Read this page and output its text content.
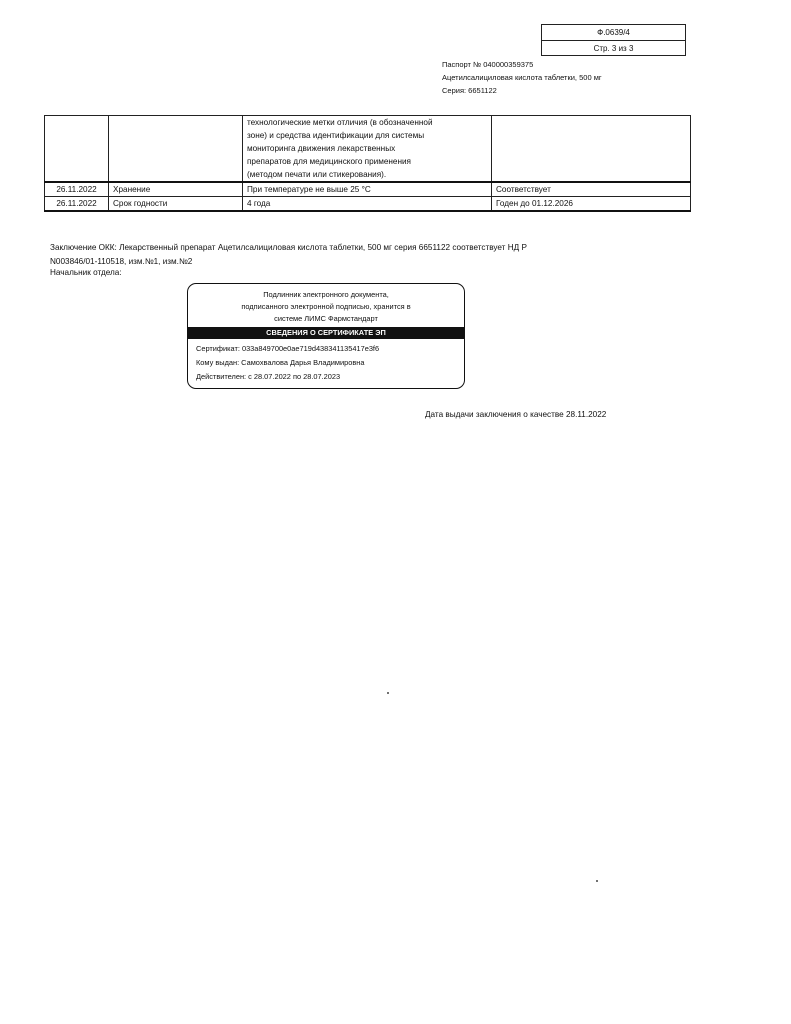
Ф.0639/4
Стр. 3 из 3
Паспорт № 040000359375
Ацетилсалициловая кислота таблетки, 500 мг
Серия: 6651122

		технологические метки отличия (в обозначенной
зоне) и средства идентификации для системы
мониторинга движения лекарственных
препаратов для медицинского применения
(методом печати или стикерования).	

26.11.2022	Хранение	При температуре не выше 25 °С	Соответствует
26.11.2022	Срок годности	4 года	Годен до 01.12.2026
Заключение ОКК: Лекарственный препарат Ацетилсалициловая кислота таблетки, 500 мг серия 6651122 соответствует НД Р
N003846/01-110518, изм.№1, изм.№2
Начальник отдела:
Подлинник электронного документа,
подписанного электронной подписью, хранится в
системе ЛИМС Фармстандарт
СВЕДЕНИЯ О СЕРТИФИКАТЕ ЭП
Сертификат: 033a849700e0ae719d438341135417e3f6
Кому выдан: Самохвалова Дарья Владимировна
Действителен: с 28.07.2022 по 28.07.2023
Дата выдачи заключения о качестве 28.11.2022
